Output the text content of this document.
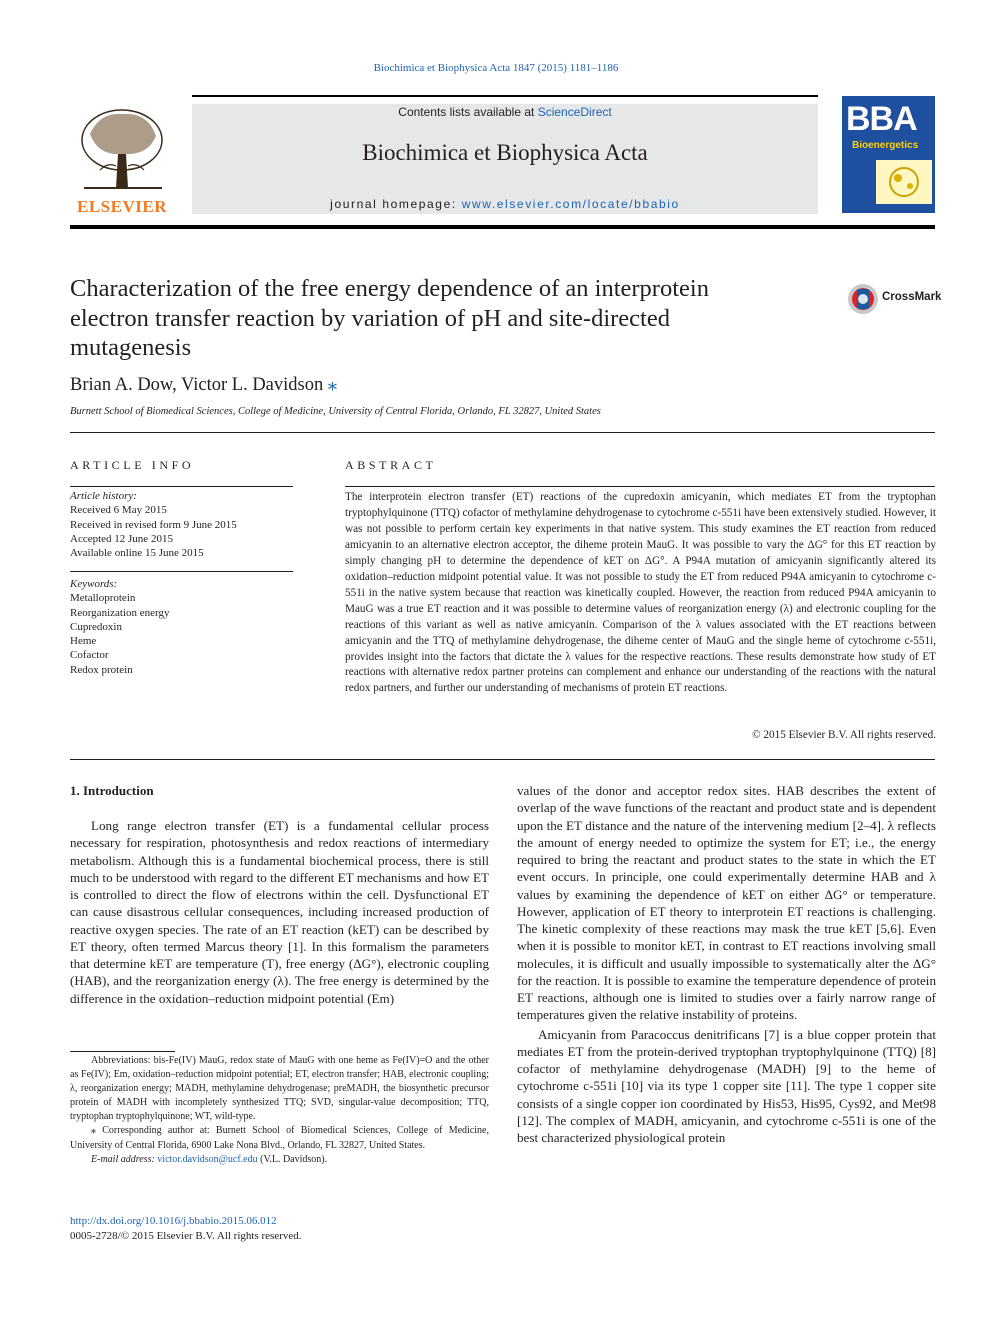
Biochimica et Biophysica Acta 1847 (2015) 1181–1186
ELSEVIER
Contents lists available at ScienceDirect
Biochimica et Biophysica Acta
journal homepage: www.elsevier.com/locate/bbabio
BBA
Bioenergetics
Characterization of the free energy dependence of an interprotein electron transfer reaction by variation of pH and site-directed mutagenesis
CrossMark
Brian A. Dow, Victor L. Davidson ⁎
Burnett School of Biomedical Sciences, College of Medicine, University of Central Florida, Orlando, FL 32827, United States
ARTICLE INFO	ABSTRACT
Article history:
Received 6 May 2015
Received in revised form 9 June 2015
Accepted 12 June 2015
Available online 15 June 2015
Keywords:
Metalloprotein
Reorganization energy
Cupredoxin
Heme
Cofactor
Redox protein
The interprotein electron transfer (ET) reactions of the cupredoxin amicyanin, which mediates ET from the tryptophan tryptophylquinone (TTQ) cofactor of methylamine dehydrogenase to cytochrome c-551i have been extensively studied. However, it was not possible to perform certain key experiments in that native system. This study examines the ET reaction from reduced amicyanin to an alternative electron acceptor, the diheme protein MauG. It was possible to vary the ΔG° for this ET reaction by simply changing pH to determine the dependence of kET on ΔG°. A P94A mutation of amicyanin significantly altered its oxidation–reduction midpoint potential value. It was not possible to study the ET from reduced P94A amicyanin to cytochrome c-551i in the native system because that reaction was kinetically coupled. However, the reaction from reduced P94A amicyanin to MauG was a true ET reaction and it was possible to determine values of reorganization energy (λ) and electronic coupling for the reactions of this variant as well as native amicyanin. Comparison of the λ values associated with the ET reactions between amicyanin and the TTQ of methylamine dehydrogenase, the diheme center of MauG and the single heme of cytochrome c-551i, provides insight into the factors that dictate the λ values for the respective reactions. These results demonstrate how study of ET reactions with alternative redox partner proteins can complement and enhance our understanding of the reactions with the natural redox partners, and further our understanding of mechanisms of protein ET reactions.
© 2015 Elsevier B.V. All rights reserved.
1. Introduction

Long range electron transfer (ET) is a fundamental cellular process necessary for respiration, photosynthesis and redox reactions of intermediary metabolism. Although this is a fundamental biochemical process, there is still much to be understood with regard to the different ET mechanisms and how ET is controlled to direct the flow of electrons within the cell. Dysfunctional ET can cause disastrous cellular consequences, including increased production of reactive oxygen species. The rate of an ET reaction (kET) can be described by ET theory, often termed Marcus theory [1]. In this formalism the parameters that determine kET are temperature (T), free energy (ΔG°), electronic coupling (HAB), and the reorganization energy (λ). The free energy is determined by the difference in the oxidation–reduction midpoint potential (Em)

values of the donor and acceptor redox sites. HAB describes the extent of overlap of the wave functions of the reactant and product state and is dependent upon the ET distance and the nature of the intervening medium [2–4]. λ reflects the amount of energy needed to optimize the system for ET; i.e., the energy required to bring the reactant and product states to the state in which the ET event occurs. In principle, one could experimentally determine HAB and λ values by examining the dependence of kET on either ΔG° or temperature. However, application of ET theory to interprotein ET reactions is challenging. The kinetic complexity of these reactions may mask the true kET [5,6]. Even when it is possible to monitor kET, in contrast to ET reactions involving small molecules, it is difficult and usually impossible to systematically alter the ΔG° for the reaction. It is possible to examine the temperature dependence of protein ET reactions, although one is limited to studies over a fairly narrow range of temperatures given the relative instability of proteins.

Amicyanin from Paracoccus denitrificans [7] is a blue copper protein that mediates ET from the protein-derived tryptophan tryptophylquinone (TTQ) [8] cofactor of methylamine dehydrogenase (MADH) [9] to the heme of cytochrome c-551i [10] via its type 1 copper site [11]. The type 1 copper site consists of a single copper ion coordinated by His53, His95, Cys92, and Met98 [12]. The complex of MADH, amicyanin, and cytochrome c-551i is one of the best characterized physiological protein

Abbreviations: bis-Fe(IV) MauG, redox state of MauG with one heme as Fe(IV)=O and the other as Fe(IV); Em, oxidation–reduction midpoint potential; ET, electron transfer; HAB, electronic coupling; λ, reorganization energy; MADH, methylamine dehydrogenase; preMADH, the biosynthetic precursor protein of MADH with incompletely synthesized TTQ; SVD, singular-value decomposition; TTQ, tryptophan tryptophylquinone; WT, wild-type.

⁎ Corresponding author at: Burnett School of Biomedical Sciences, College of Medicine, University of Central Florida, 6900 Lake Nona Blvd., Orlando, FL 32827, United States.

E-mail address: victor.davidson@ucf.edu (V.L. Davidson).

http://dx.doi.org/10.1016/j.bbabio.2015.06.012
0005-2728/© 2015 Elsevier B.V. All rights reserved.
